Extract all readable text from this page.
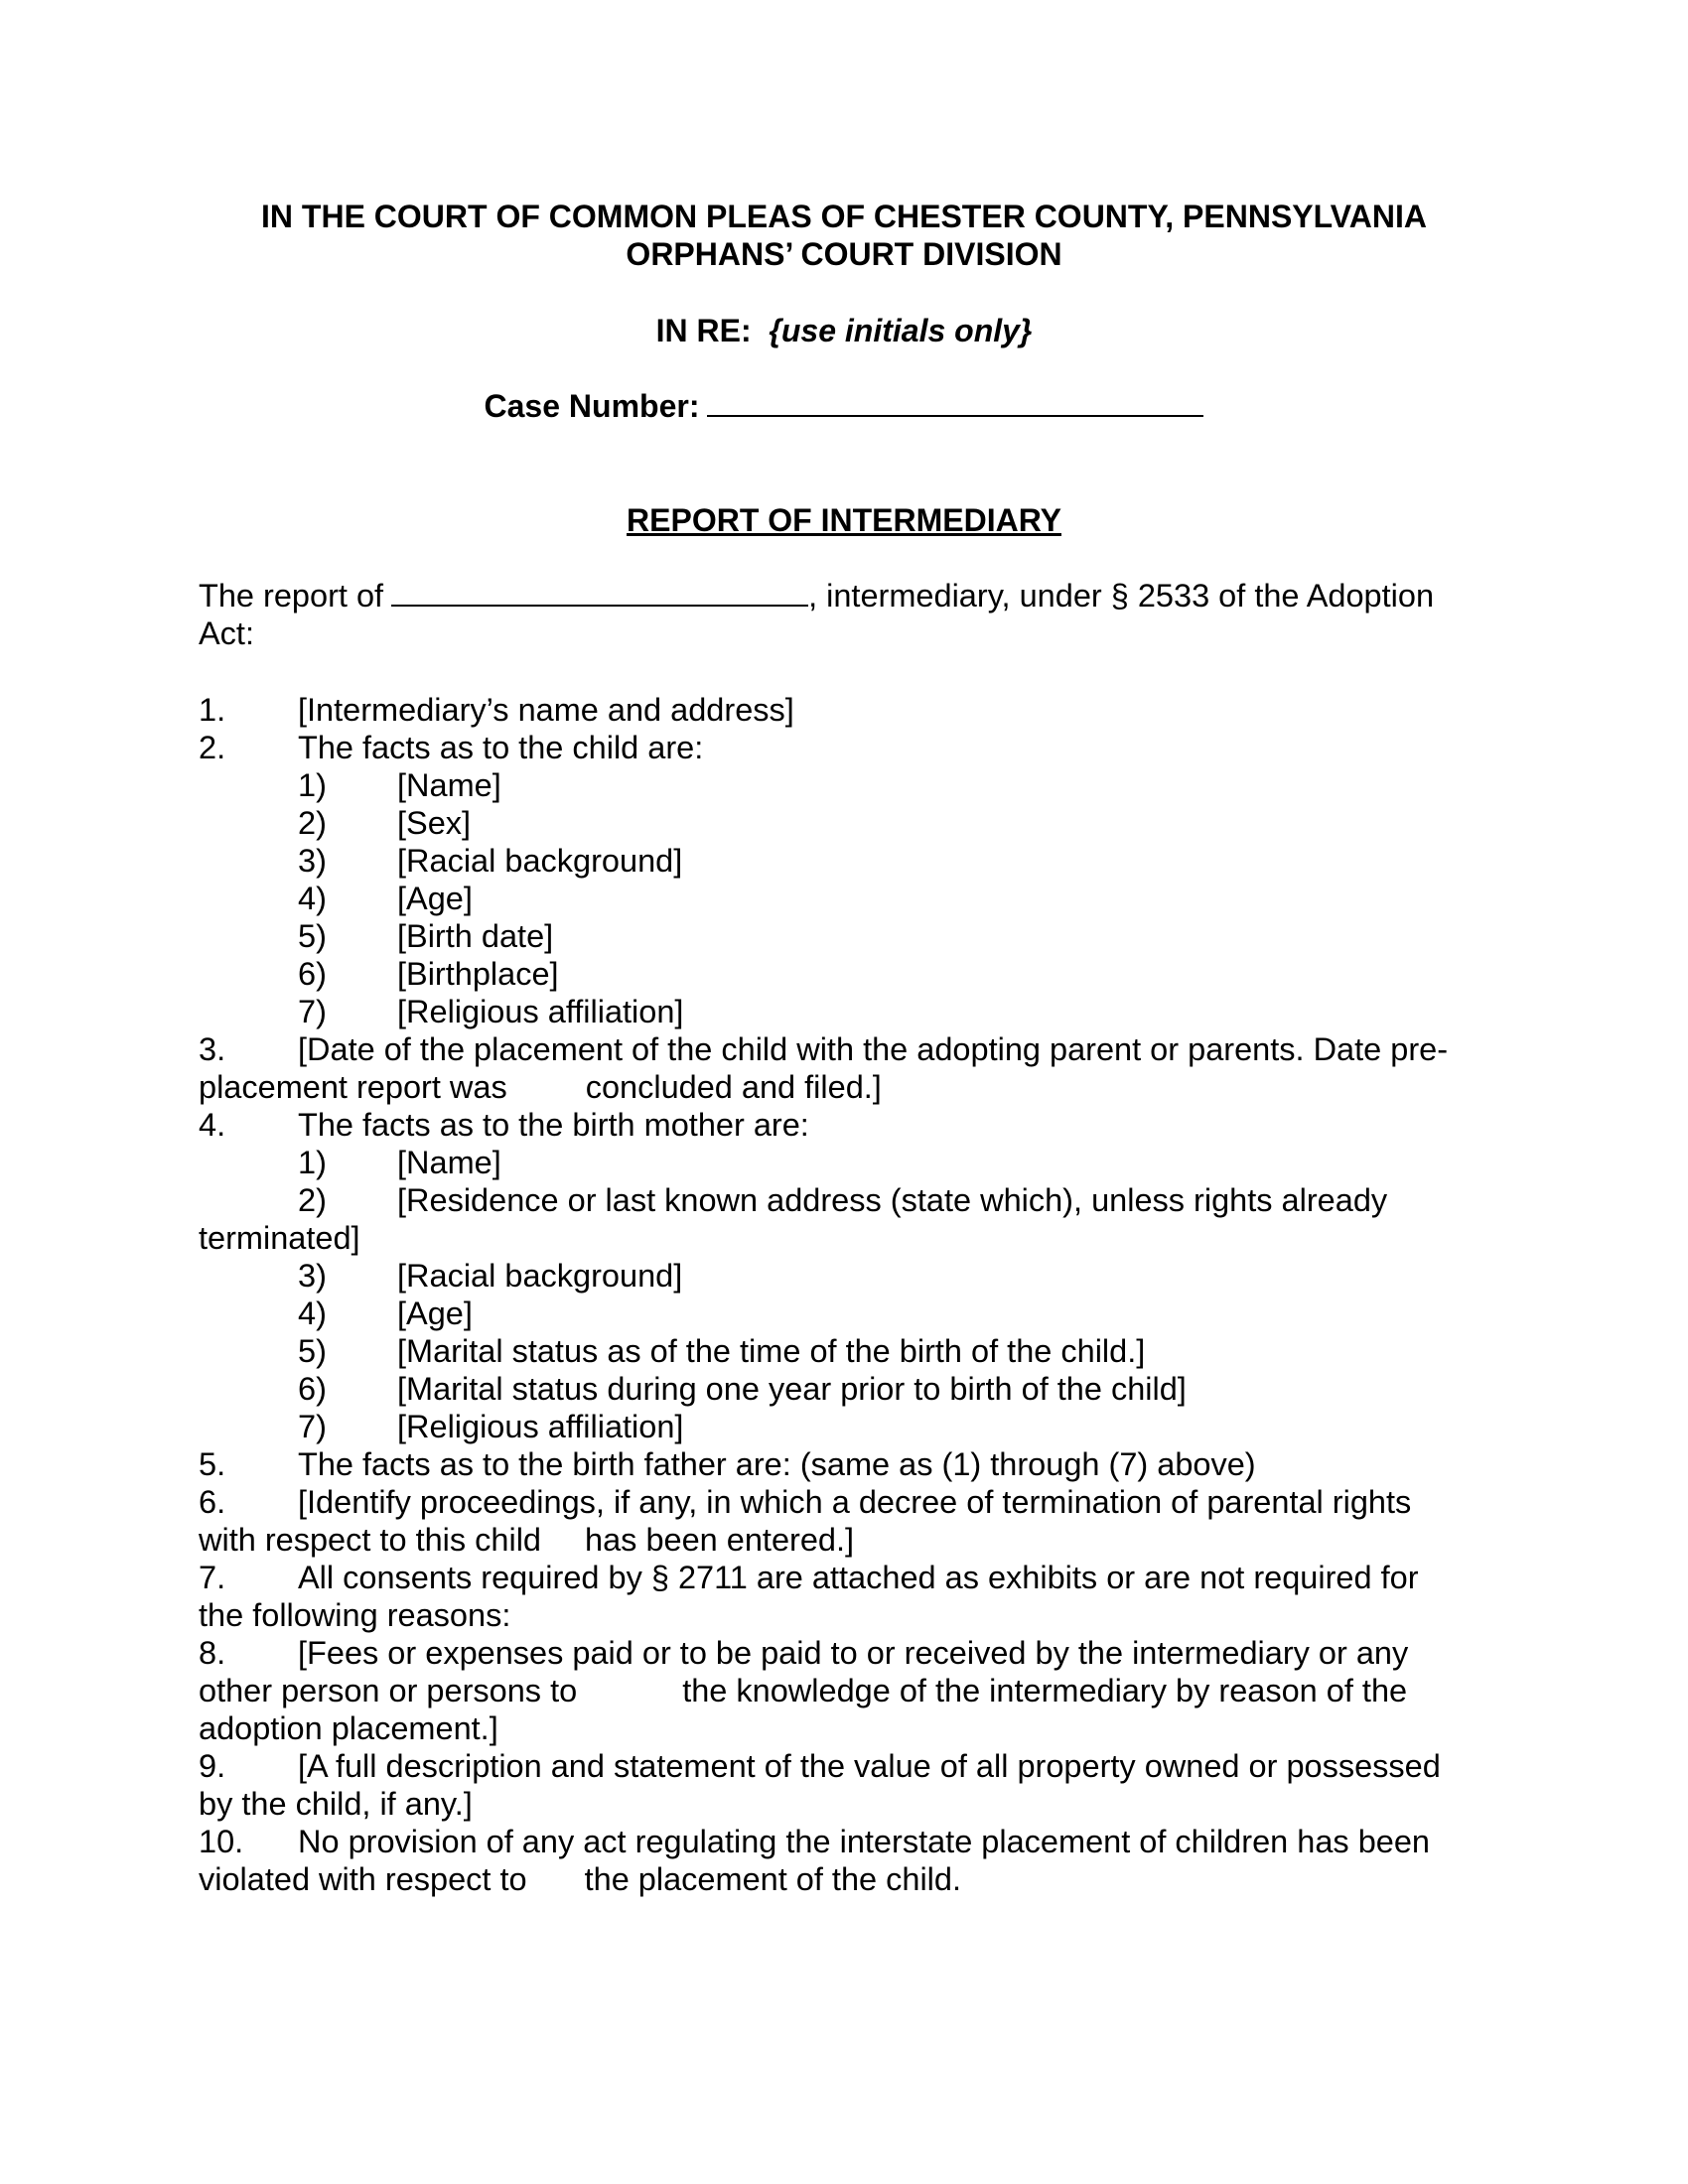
IN THE COURT OF COMMON PLEAS OF CHESTER COUNTY, PENNSYLVANIA
ORPHANS’ COURT DIVISION
IN RE: {use initials only}
Case Number:
REPORT OF INTERMEDIARY
The report of	, intermediary, under § 2533 of the Adoption
Act:
1. [Intermediary’s name and address]
2. The facts as to the child are:
1) [Name]
2) [Sex]
3) [Racial background]
4) [Age]
5) [Birth date]
6) [Birthplace]
7) [Religious affiliation]
3. [Date of the placement of the child with the adopting parent or parents. Date pre-
placement report was concluded and filed.]
4. The facts as to the birth mother are:
1) [Name]
2) [Residence or last known address (state which), unless rights already
terminated]
3) [Racial background]
4) [Age]
5) [Marital status as of the time of the birth of the child.]
6) [Marital status during one year prior to birth of the child]
7) [Religious affiliation]
5. The facts as to the birth father are: (same as (1) through (7) above)
6. [Identify proceedings, if any, in which a decree of termination of parental rights
with respect to this child has been entered.]
7. All consents required by § 2711 are attached as exhibits or are not required for
the following reasons:
8. [Fees or expenses paid or to be paid to or received by the intermediary or any
other person or persons to	the knowledge of the intermediary by reason of the
adoption placement.]
9. [A full description and statement of the value of all property owned or possessed
by the child, if any.]
10. No provision of any act regulating the interstate placement of children has been
violated with respect to the placement of the child.
